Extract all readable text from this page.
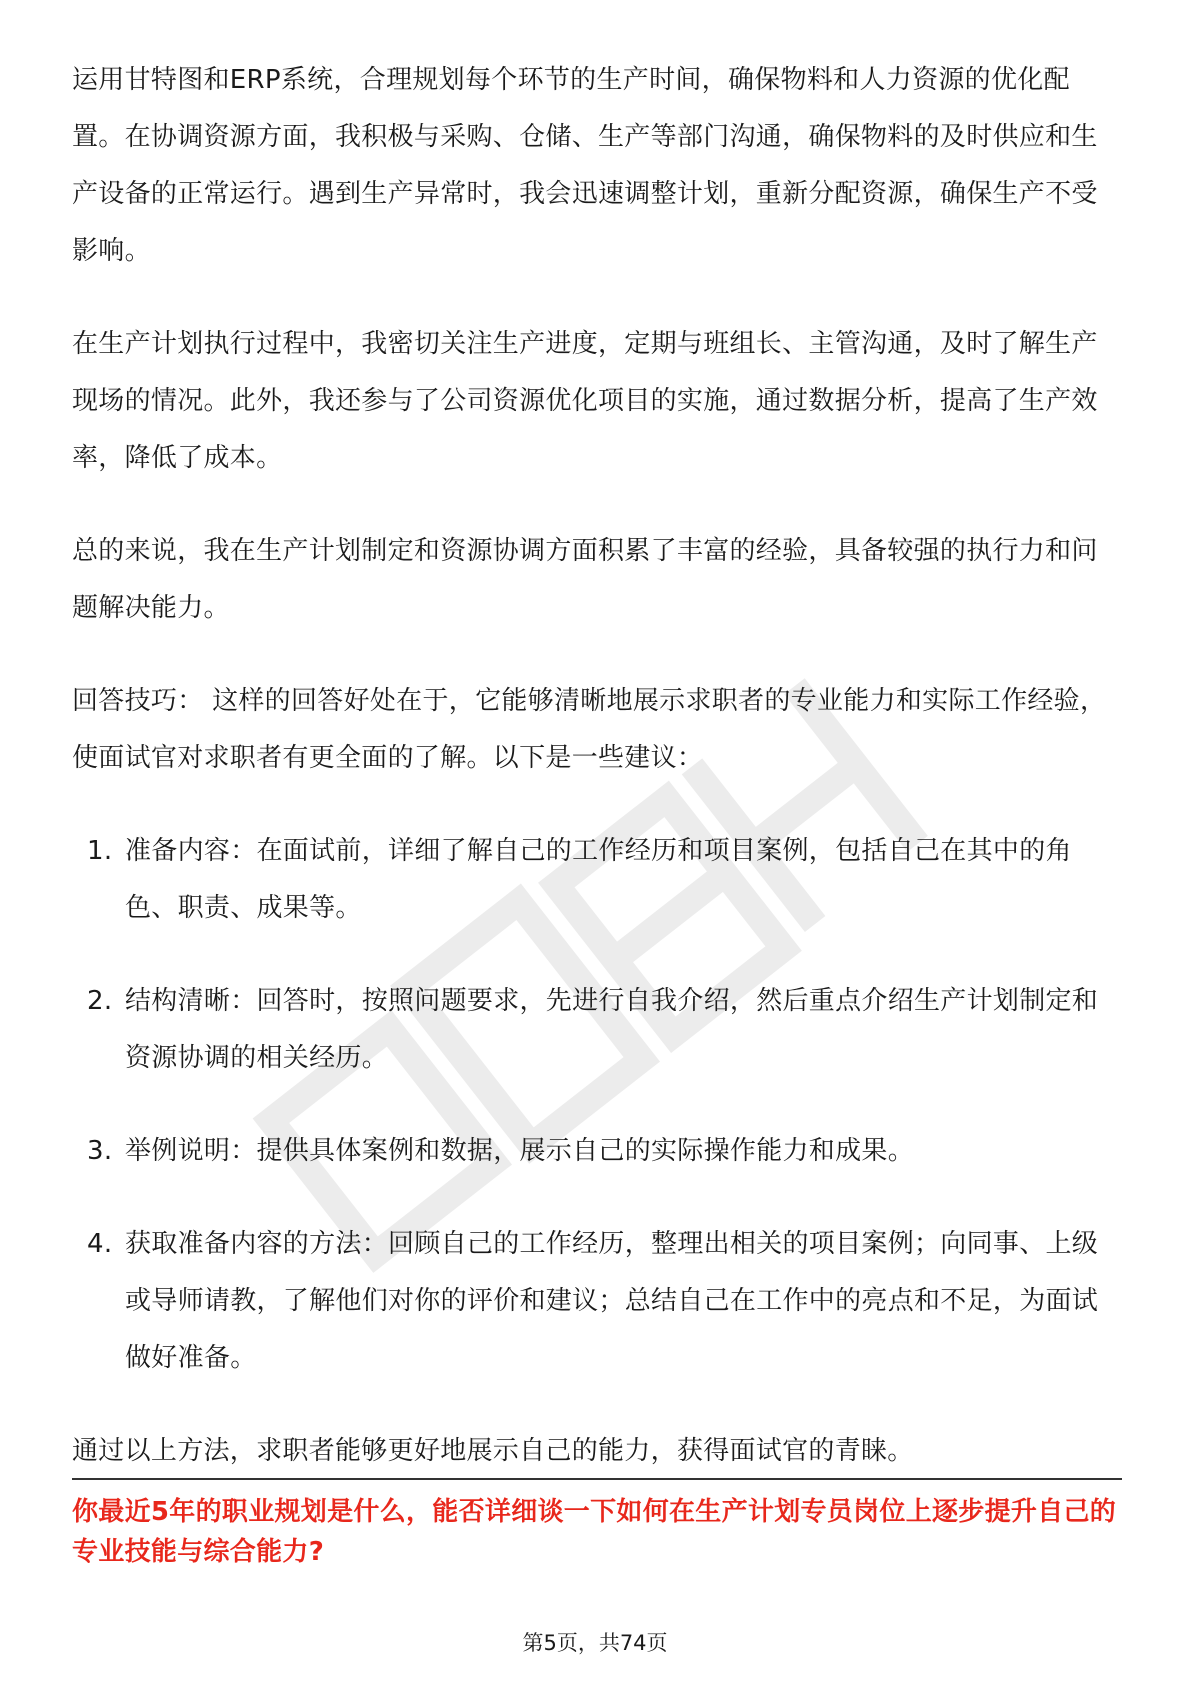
运用甘特图和ERP系统，合理规划每个环节的生产时间，确保物料和人力资源的优化配置。在协调资源方面，我积极与采购、仓储、生产等部门沟通，确保物料的及时供应和生产设备的正常运行。遇到生产异常时，我会迅速调整计划，重新分配资源，确保生产不受影响。

在生产计划执行过程中，我密切关注生产进度，定期与班组长、主管沟通，及时了解生产现场的情况。此外，我还参与了公司资源优化项目的实施，通过数据分析，提高了生产效率，降低了成本。

总的来说，我在生产计划制定和资源协调方面积累了丰富的经验，具备较强的执行力和问题解决能力。

回答技巧： 这样的回答好处在于，它能够清晰地展示求职者的专业能力和实际工作经验，使面试官对求职者有更全面的了解。以下是一些建议：

1. 准备内容：在面试前，详细了解自己的工作经历和项目案例，包括自己在其中的角色、职责、成果等。
2. 结构清晰：回答时，按照问题要求，先进行自我介绍，然后重点介绍生产计划制定和资源协调的相关经历。
3. 举例说明：提供具体案例和数据，展示自己的实际操作能力和成果。
4. 获取准备内容的方法：回顾自己的工作经历，整理出相关的项目案例；向同事、上级或导师请教，了解他们对你的评价和建议；总结自己在工作中的亮点和不足，为面试做好准备。

通过以上方法，求职者能够更好地展示自己的能力，获得面试官的青睐。

你最近5年的职业规划是什么，能否详细谈一下如何在生产计划专员岗位上逐步提升自己的专业技能与综合能力?
第5页，共74页
